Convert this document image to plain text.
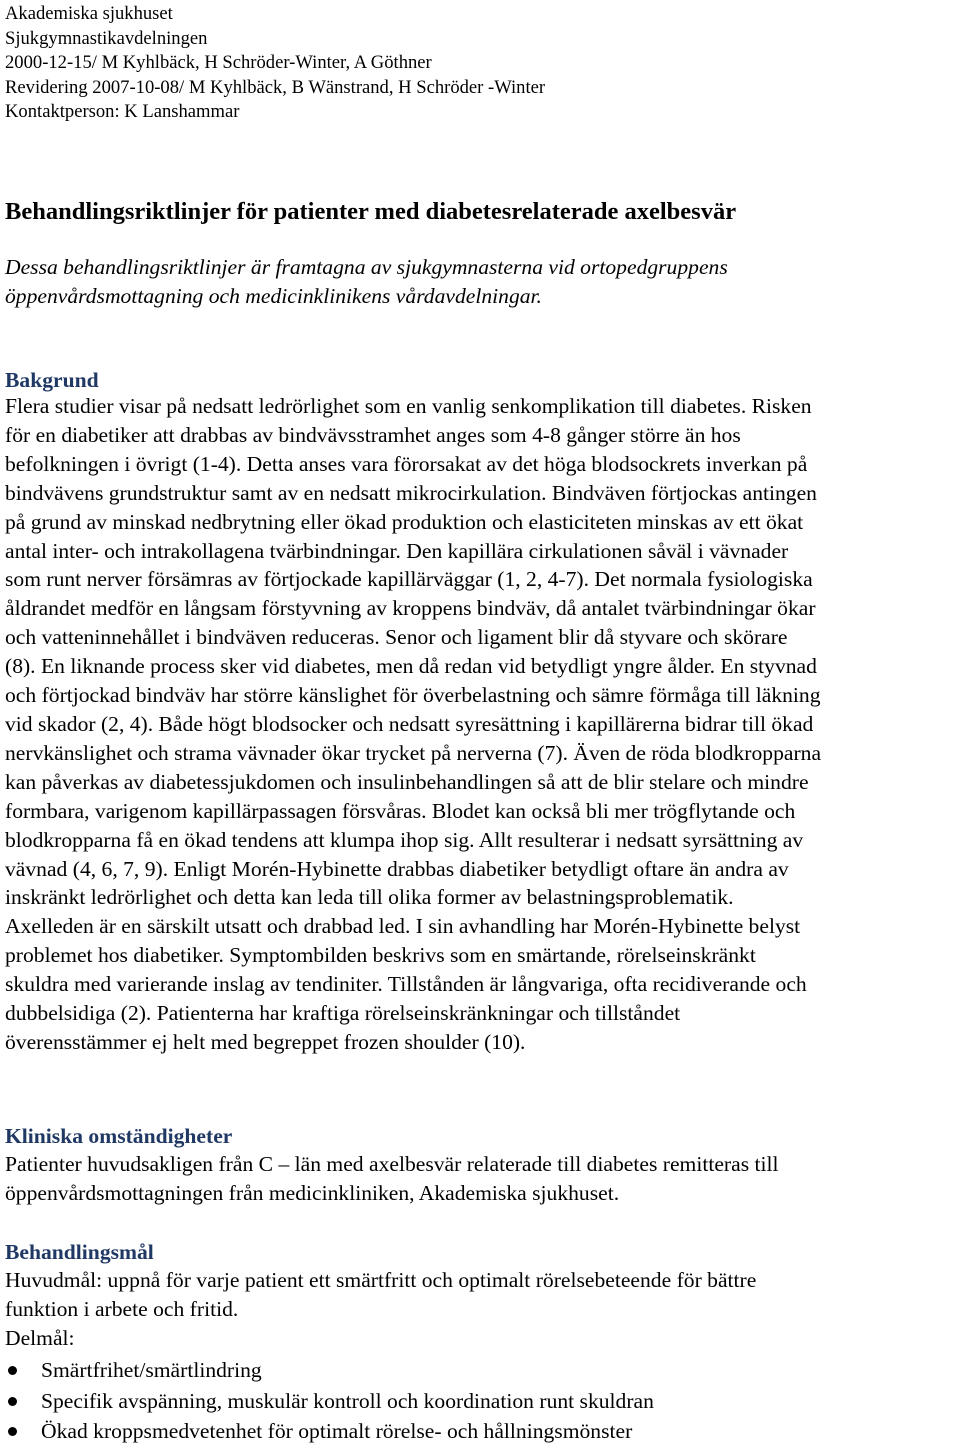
Akademiska sjukhuset
Sjukgymnastikavdelningen
2000-12-15/ M Kyhlbäck, H Schröder-Winter, A Göthner
Revidering 2007-10-08/ M Kyhlbäck, B Wänstrand, H Schröder -Winter
Kontaktperson: K Lanshammar
Behandlingsriktlinjer för patienter med diabetesrelaterade axelbesvär
Dessa behandlingsriktlinjer är framtagna av sjukgymnasterna vid ortopedgruppens
öppenvårdsmottagning och medicinklinikens vårdavdelningar.
Bakgrund
Flera studier visar på nedsatt ledrörlighet som en vanlig senkomplikation till diabetes. Risken
för en diabetiker att drabbas av bindvävsstramhet anges som 4-8 gånger större än hos
befolkningen i övrigt (1-4). Detta anses vara förorsakat av det höga blodsockrets inverkan på
bindvävens grundstruktur samt av en nedsatt mikrocirkulation. Bindväven förtjockas antingen
på grund av minskad nedbrytning eller ökad produktion och elasticiteten minskas av ett ökat
antal inter- och intrakollagena tvärbindningar. Den kapillära cirkulationen såväl i vävnader
som runt nerver försämras av förtjockade kapillärväggar (1, 2, 4-7). Det normala fysiologiska
åldrandet medför en långsam förstyvning av kroppens bindväv, då antalet tvärbindningar ökar
och vatteninnehållet i bindväven reduceras. Senor och ligament blir då styvare och skörare
(8). En liknande process sker vid diabetes, men då redan vid betydligt yngre ålder. En styvnad
och förtjockad bindväv har större känslighet för överbelastning och sämre förmåga till läkning
vid skador (2, 4). Både högt blodsocker och nedsatt syresättning i kapillärerna bidrar till ökad
nervkänslighet och strama vävnader ökar trycket på nerverna (7). Även de röda blodkropparna
kan påverkas av diabetessjukdomen och insulinbehandlingen så att de blir stelare och mindre
formbara, varigenom kapillärpassagen försvåras. Blodet kan också bli mer trögflytande och
blodkropparna få en ökad tendens att klumpa ihop sig. Allt resulterar i nedsatt syrsättning av
vävnad (4, 6, 7, 9). Enligt Morén-Hybinette drabbas diabetiker betydligt oftare än andra av
inskränkt ledrörlighet och detta kan leda till olika former av belastningsproblematik.
Axelleden är en särskilt utsatt och drabbad led. I sin avhandling har Morén-Hybinette belyst
problemet hos diabetiker. Symptombilden beskrivs som en smärtande, rörelseinskränkt
skuldra med varierande inslag av tendiniter. Tillstånden är långvariga, ofta recidiverande och
dubbelsidiga (2). Patienterna har kraftiga rörelseinskränkningar och tillståndet
överensstämmer ej helt med begreppet frozen shoulder (10).
Kliniska omständigheter
Patienter huvudsakligen från C – län med axelbesvär relaterade till diabetes remitteras till
öppenvårdsmottagningen från medicinkliniken, Akademiska sjukhuset.
Behandlingsmål
Huvudmål: uppnå för varje patient ett smärtfritt och optimalt rörelsebeteende för bättre
funktion i arbete och fritid.
Delmål:
Smärtfrihet/smärtlindring
Specifik avspänning, muskulär kontroll och koordination runt skuldran
Ökad kroppsmedvetenhet för optimalt rörelse- och hållningsmönster
